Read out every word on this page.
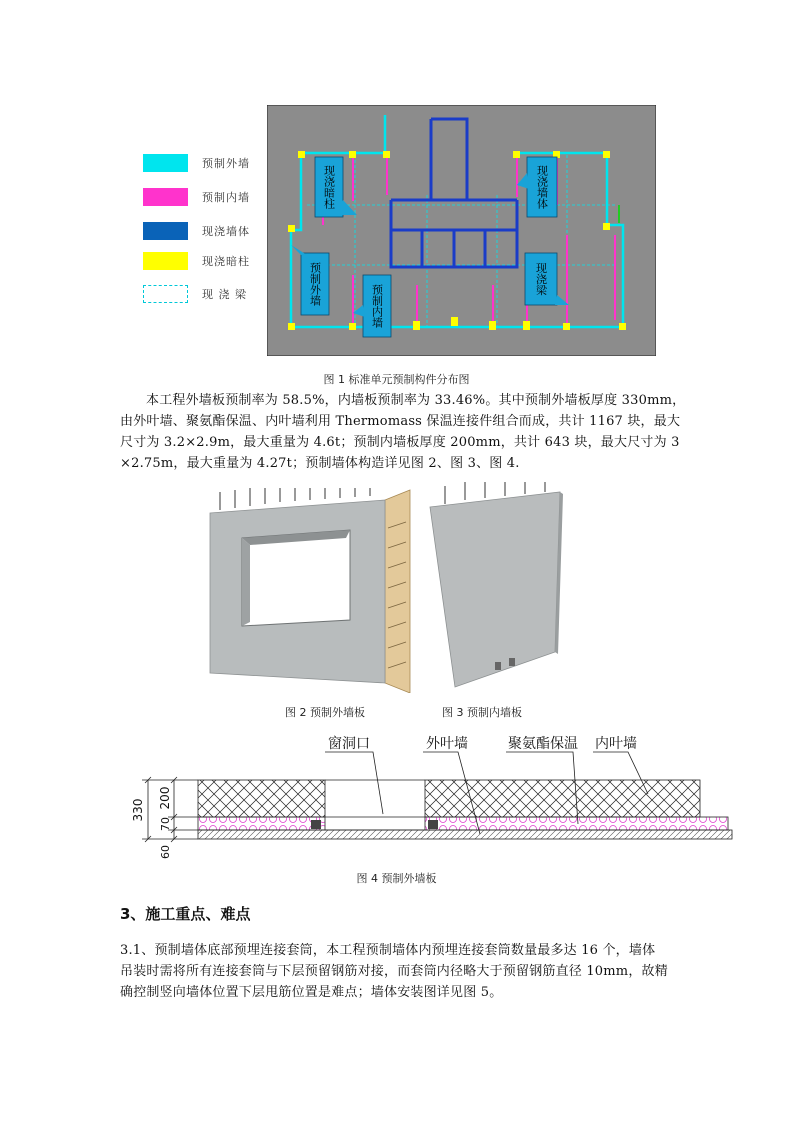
预制外墙
预制内墙
现浇墙体
现浇暗柱
现 浇 梁
现浇暗柱	现浇墙体
预制外墙	预制内墙
现浇梁
图 1 标准单元预制构件分布图
本工程外墙板预制率为 58.5%，内墙板预制率为 33.46%。其中预制外墙板厚度 330mm，
由外叶墙、聚氨酯保温、内叶墙利用 Thermomass 保温连接件组合而成，共计 1167 块，最大
尺寸为 3.2×2.9m，最大重量为 4.6t；预制内墙板厚度 200mm，共计 643 块，最大尺寸为 3
×2.75m，最大重量为 4.27t；预制墙体构造详见图 2、图 3、图 4.
图 2 预制外墙板	图 3 预制内墙板
窗洞口	外叶墙	聚氨酯保温 内叶墙
330
200
70
60
图 4 预制外墙板
3、施工重点、难点
3.1、预制墙体底部预埋连接套筒，本工程预制墙体内预埋连接套筒数量最多达 16 个，墙体
吊装时需将所有连接套筒与下层预留钢筋对接，而套筒内径略大于预留钢筋直径 10mm，故精
确控制竖向墙体位置下层甩筋位置是难点；墙体安装图详见图 5。
